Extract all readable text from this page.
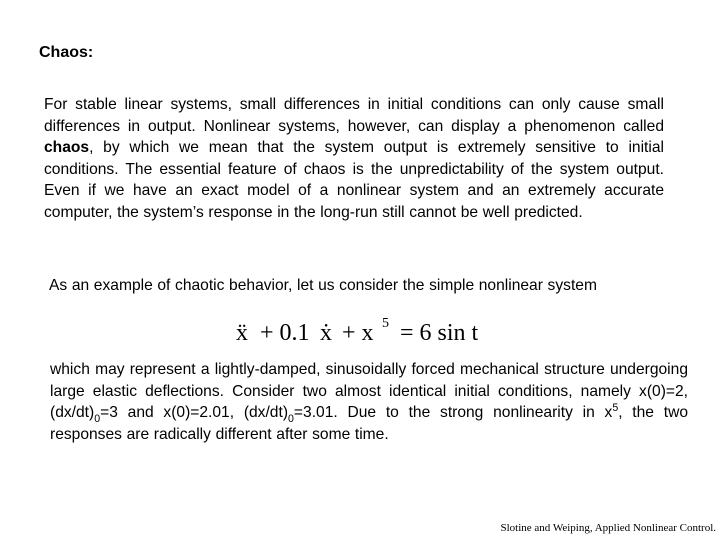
Chaos:

For stable linear systems, small differences in initial conditions can only cause small differences in output. Nonlinear systems, however, can display a phenomenon called chaos, by which we mean that the system output is extremely sensitive to initial conditions. The essential feature of chaos is the unpredictability of the system output. Even if we have an exact model of a nonlinear system and an extremely accurate computer, the system’s response in the long-run still cannot be well predicted.

As an example of chaotic behavior, let us consider the simple nonlinear system

ẍ + 0.1 ẋ + x 5 = 6 sin t

which may represent a lightly-damped, sinusoidally forced mechanical structure undergoing large elastic deflections. Consider two almost identical initial conditions, namely x(0)=2, $(dx/dt)_0=3$ and x(0)=2.01, $(dx/dt)_0=3.01$. Due to the strong nonlinearity in $x^5$, the two responses are radically different after some time.

Slotine and Weiping, Applied Nonlinear Control.
